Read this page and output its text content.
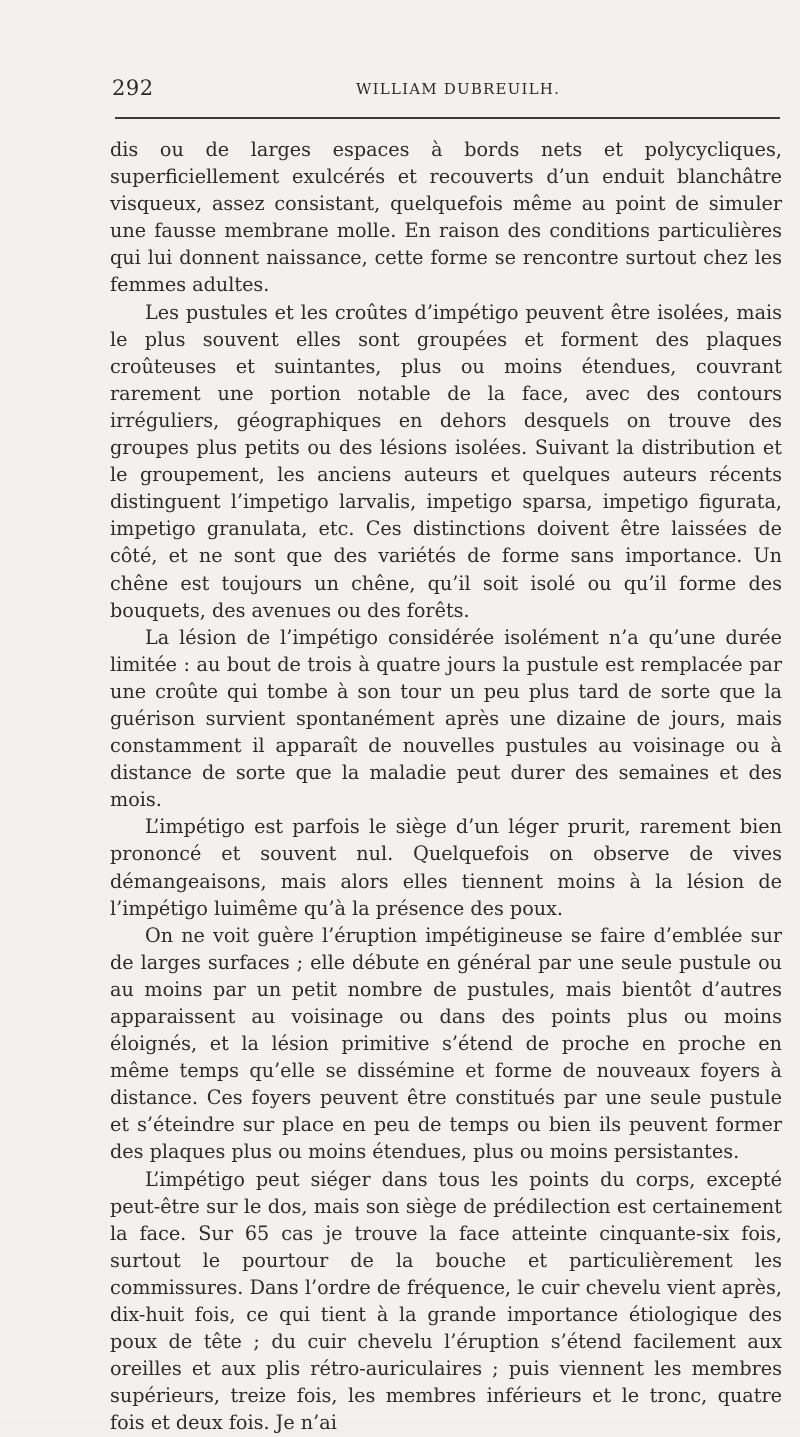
292	WILLIAM DUBREUILH.

dis ou de larges espaces à bords nets et polycycliques, superficiellement exulcérés et recouverts d’un enduit blanchâtre visqueux, assez consistant, quelquefois même au point de simuler une fausse membrane molle. En raison des conditions particulières qui lui donnent naissance, cette forme se rencontre surtout chez les femmes adultes.

Les pustules et les croûtes d’impétigo peuvent être isolées, mais le plus souvent elles sont groupées et forment des plaques croûteuses et suintantes, plus ou moins étendues, couvrant rarement une portion notable de la face, avec des contours irréguliers, géographiques en dehors desquels on trouve des groupes plus petits ou des lésions isolées. Suivant la distribution et le groupement, les anciens auteurs et quelques auteurs récents distinguent l’impetigo larvalis, impetigo sparsa, impetigo figurata, impetigo granulata, etc. Ces distinctions doivent être laissées de côté, et ne sont que des variétés de forme sans importance. Un chêne est toujours un chêne, qu’il soit isolé ou qu’il forme des bouquets, des avenues ou des forêts.

La lésion de l’impétigo considérée isolément n’a qu’une durée limitée : au bout de trois à quatre jours la pustule est remplacée par une croûte qui tombe à son tour un peu plus tard de sorte que la guérison survient spontanément après une dizaine de jours, mais constamment il apparaît de nouvelles pustules au voisinage ou à distance de sorte que la maladie peut durer des semaines et des mois.

L’impétigo est parfois le siège d’un léger prurit, rarement bien prononcé et souvent nul. Quelquefois on observe de vives démangeaisons, mais alors elles tiennent moins à la lésion de l’impétigo luimême qu’à la présence des poux.

On ne voit guère l’éruption impétigineuse se faire d’emblée sur de larges surfaces ; elle débute en général par une seule pustule ou au moins par un petit nombre de pustules, mais bientôt d’autres apparaissent au voisinage ou dans des points plus ou moins éloignés, et la lésion primitive s’étend de proche en proche en même temps qu’elle se dissémine et forme de nouveaux foyers à distance. Ces foyers peuvent être constitués par une seule pustule et s’éteindre sur place en peu de temps ou bien ils peuvent former des plaques plus ou moins étendues, plus ou moins persistantes.

L’impétigo peut siéger dans tous les points du corps, excepté peut-être sur le dos, mais son siège de prédilection est certainement la face. Sur 65 cas je trouve la face atteinte cinquante-six fois, surtout le pourtour de la bouche et particulièrement les commissures. Dans l’ordre de fréquence, le cuir chevelu vient après, dix-huit fois, ce qui tient à la grande importance étiologique des poux de tête ; du cuir chevelu l’éruption s’étend facilement aux oreilles et aux plis rétro-auriculaires ; puis viennent les membres supérieurs, treize fois, les membres inférieurs et le tronc, quatre fois et deux fois. Je n’ai
